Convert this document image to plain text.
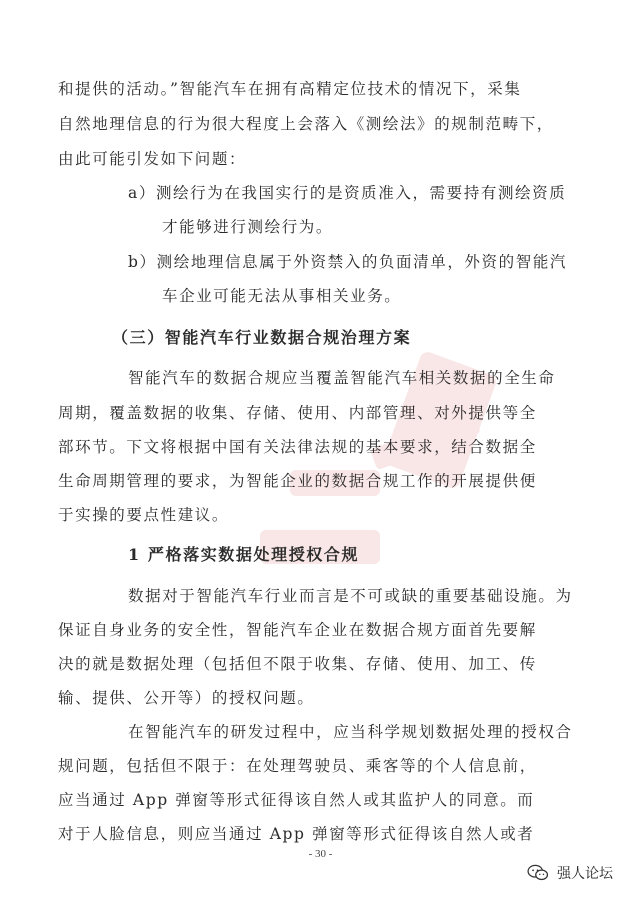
和提供的活动。”智能汽车在拥有高精定位技术的情况下，采集
自然地理信息的行为很大程度上会落入《测绘法》的规制范畴下，
由此可能引发如下问题：
a）测绘行为在我国实行的是资质准入，需要持有测绘资质
才能够进行测绘行为。
b）测绘地理信息属于外资禁入的负面清单，外资的智能汽
车企业可能无法从事相关业务。
（三）智能汽车行业数据合规治理方案
智能汽车的数据合规应当覆盖智能汽车相关数据的全生命
周期，覆盖数据的收集、存储、使用、内部管理、对外提供等全
部环节。下文将根据中国有关法律法规的基本要求，结合数据全
生命周期管理的要求，为智能企业的数据合规工作的开展提供便
于实操的要点性建议。
1 严格落实数据处理授权合规
数据对于智能汽车行业而言是不可或缺的重要基础设施。为
保证自身业务的安全性，智能汽车企业在数据合规方面首先要解
决的就是数据处理（包括但不限于收集、存储、使用、加工、传
输、提供、公开等）的授权问题。
在智能汽车的研发过程中，应当科学规划数据处理的授权合
规问题，包括但不限于：在处理驾驶员、乘客等的个人信息前，
应当通过 App 弹窗等形式征得该自然人或其监护人的同意。而
对于人脸信息，则应当通过 App 弹窗等形式征得该自然人或者
- 30 -
强人论坛
